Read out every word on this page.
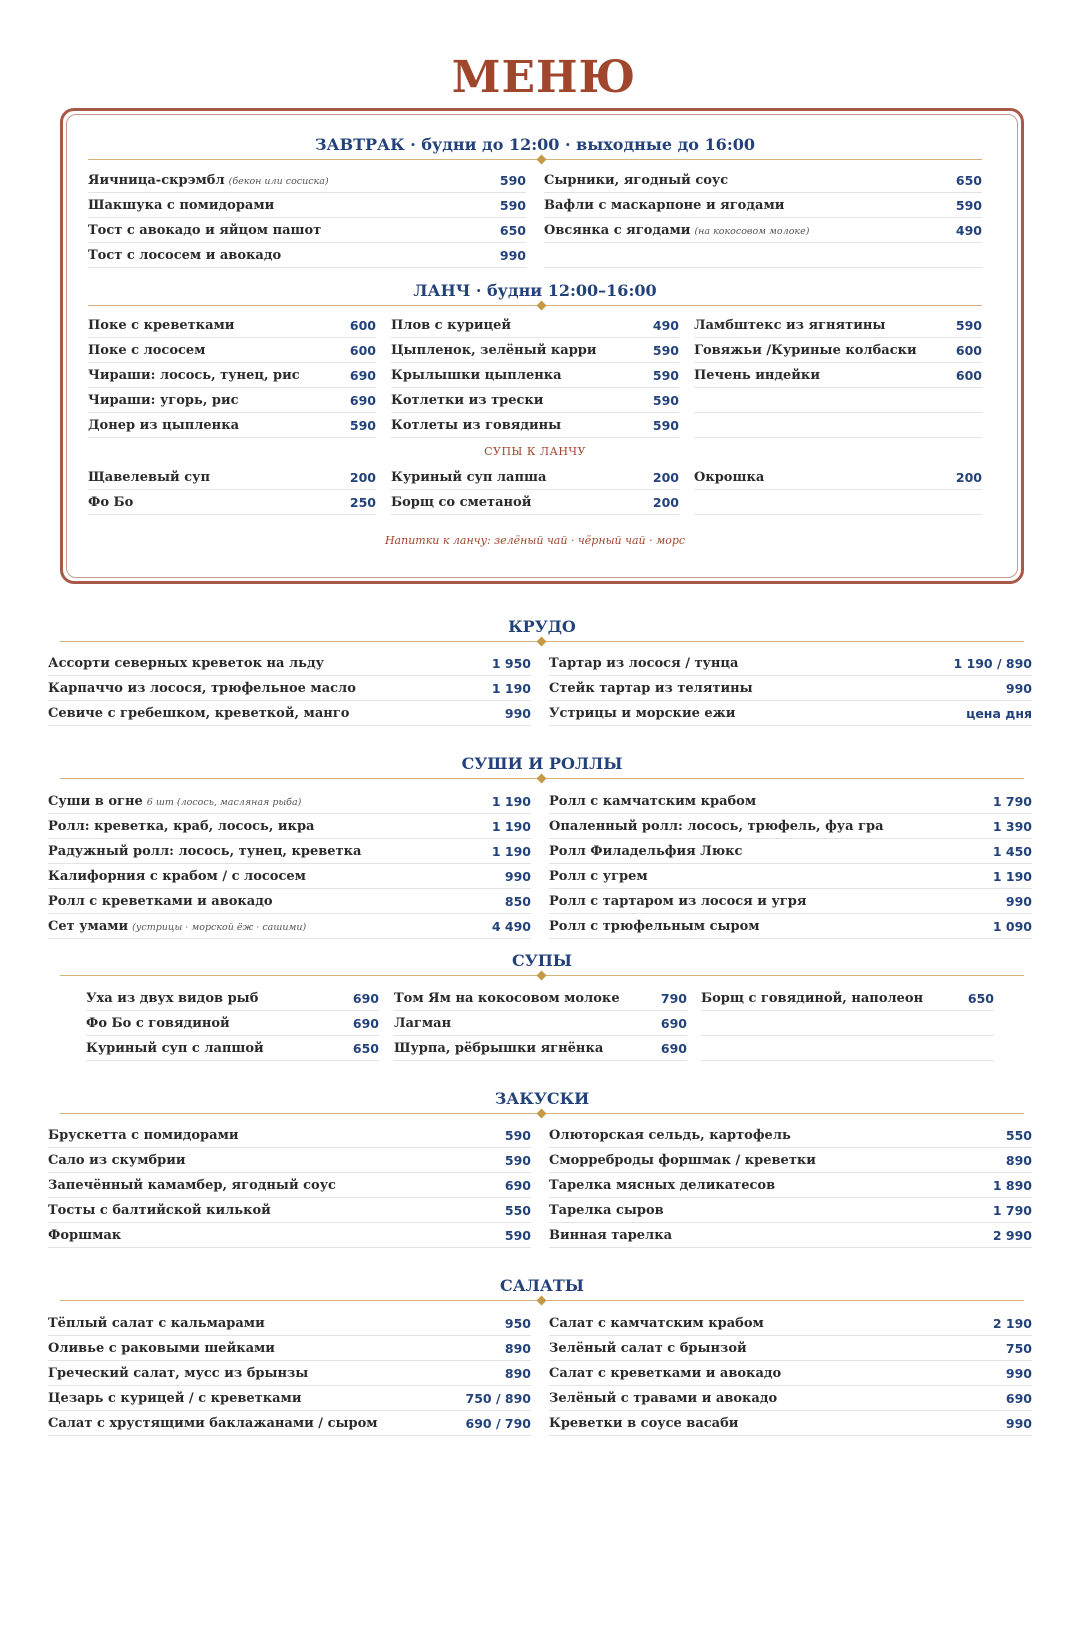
МЕНЮ
ЗАВТРАК · будни до 12:00 · выходные до 16:00
Яичница-скрэмбл (бекон или сосиска)	590
Шакшука с помидорами	590
Тост с авокадо и яйцом пашот	650
Тост с лососем и авокадо	990
Сырники, ягодный соус	650
Вафли с маскарпоне и ягодами	590
Овсянка с ягодами (на кокосовом молоке)	490
ЛАНЧ · будни 12:00–16:00
Поке с креветками	600
Поке с лососем	600
Чираши: лосось, тунец, рис	690
Чираши: угорь, рис	690
Донер из цыпленка	590
Плов с курицей	490
Цыпленок, зелёный карри	590
Крылышки цыпленка	590
Котлетки из трески	590
Котлеты из говядины	590
Ламбштекс из ягнятины	590
Говяжьи /Куриные колбаски	600
Печень индейки	600
СУПЫ К ЛАНЧУ
Щавелевый суп	200
Фо Бо	250
Куриный суп лапша	200
Борщ со сметаной	200
Окрошка	200
Напитки к ланчу: зелёный чай · чёрный чай · морс
КРУДО
Ассорти северных креветок на льду	1 950
Карпаччо из лосося, трюфельное масло	1 190
Севиче с гребешком, креветкой, манго	990
Тартар из лосося / тунца	1 190 / 890
Стейк тартар из телятины	990
Устрицы и морские ежи	цена дня
СУШИ И РОЛЛЫ
Суши в огне 6 шт (лосось, масляная рыба)	1 190
Ролл: креветка, краб, лосось, икра	1 190
Радужный ролл: лосось, тунец, креветка	1 190
Калифорния с крабом / с лососем	990
Ролл с креветками и авокадо	850
Сет умами (устрицы · морской ёж · сашими)	4 490
Ролл с камчатским крабом	1 790
Опаленный ролл: лосось, трюфель, фуа гра	1 390
Ролл Филадельфия Люкс	1 450
Ролл с угрем	1 190
Ролл с тартаром из лосося и угря	990
Ролл с трюфельным сыром	1 090
СУПЫ
Уха из двух видов рыб	690
Фо Бо с говядиной	690
Куриный суп с лапшой	650
Том Ям на кокосовом молоке	790
Лагман	690
Шурпа, рёбрышки ягнёнка	690
Борщ с говядиной, наполеон	650
ЗАКУСКИ
Брускетта с помидорами	590
Сало из скумбрии	590
Запечённый камамбер, ягодный соус	690
Тосты с балтийской килькой	550
Форшмак	590
Олюторская сельдь, картофель	550
Сморреброды форшмак / креветки	890
Тарелка мясных деликатесов	1 890
Тарелка сыров	1 790
Винная тарелка	2 990
САЛАТЫ
Тёплый салат с кальмарами	950
Оливье с раковыми шейками	890
Греческий салат, мусс из брынзы	890
Цезарь с курицей / с креветками	750 / 890
Салат с хрустящими баклажанами / сыром	690 / 790
Салат с камчатским крабом	2 190
Зелёный салат с брынзой	750
Салат с креветками и авокадо	990
Зелёный с травами и авокадо	690
Креветки в соусе васаби	990
